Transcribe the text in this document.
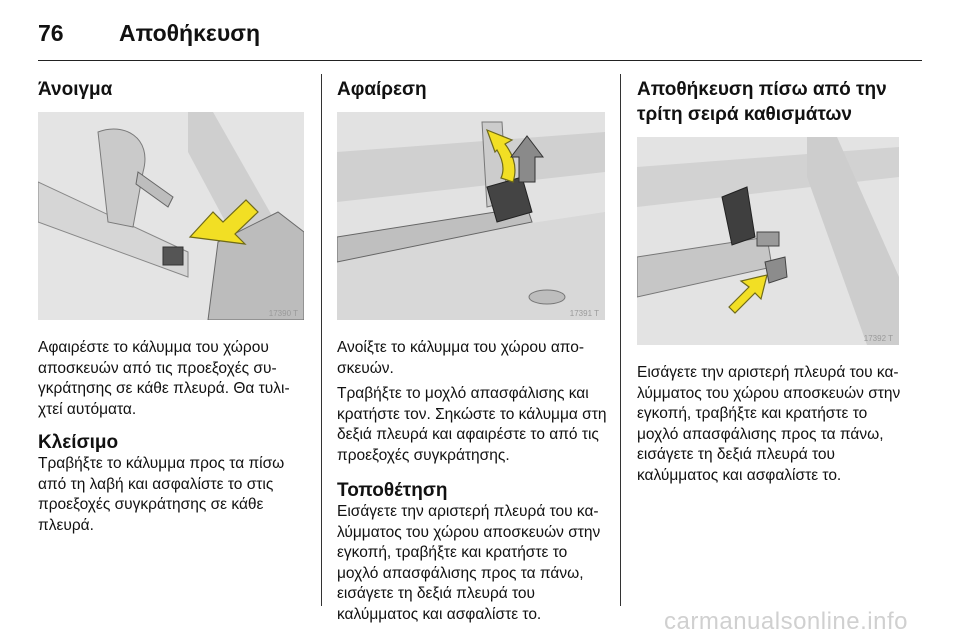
76 Αποθήκευση
Άνοιγμα
17390 T

Αφαιρέστε το κάλυμμα του χώρου αποσκευών από τις προεξοχές συγκράτησης σε κάθε πλευρά. Θα τυλιχτεί αυτόματα.

Κλείσιμο

Τραβήξτε το κάλυμμα προς τα πίσω από τη λαβή και ασφαλίστε το στις προεξοχές συγκράτησης σε κάθε πλευρά.

Αφαίρεση
17391 T

Ανοίξτε το κάλυμμα του χώρου αποσκευών.

Τραβήξτε το μοχλό απασφάλισης και κρατήστε τον. Σηκώστε το κάλυμμα στη δεξιά πλευρά και αφαιρέστε το από τις προεξοχές συγκράτησης.

Τοποθέτηση

Εισάγετε την αριστερή πλευρά του καλύμματος του χώρου αποσκευών στην εγκοπή, τραβήξτε και κρατήστε το μοχλό απασφάλισης προς τα πάνω, εισάγετε τη δεξιά πλευρά του καλύμματος και ασφαλίστε το.

Αποθήκευση πίσω από την τρίτη σειρά καθισμάτων
17392 T

Εισάγετε την αριστερή πλευρά του καλύμματος του χώρου αποσκευών στην εγκοπή, τραβήξτε και κρατήστε το μοχλό απασφάλισης προς τα πάνω, εισάγετε τη δεξιά πλευρά του καλύμματος και ασφαλίστε το.

carmanualsonline.info
